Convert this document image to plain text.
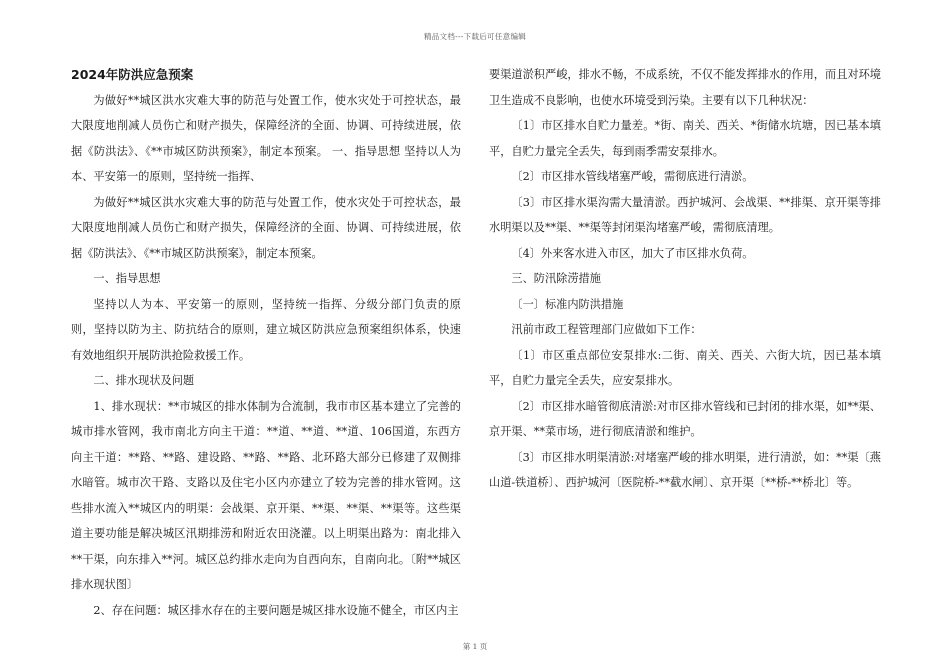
精品文档---下载后可任意编辑
2024年防洪应急预案

为做好**城区洪水灾难大事的防范与处置工作，使水灾处于可控状态，最大限度地削减人员伤亡和财产损失，保障经济的全面、协调、可持续进展，依据《防洪法》、《**市城区防洪预案》，制定本预案。 一、指导思想 坚持以人为本、平安第一的原则，坚持统一指挥、

为做好**城区洪水灾难大事的防范与处置工作，使水灾处于可控状态，最大限度地削减人员伤亡和财产损失，保障经济的全面、协调、可持续进展，依据《防洪法》、《**市城区防洪预案》，制定本预案。

一、指导思想

坚持以人为本、平安第一的原则，坚持统一指挥、分级分部门负责的原则，坚持以防为主、防抗结合的原则，建立城区防洪应急预案组织体系，快速有效地组织开展防洪抢险救援工作。

二、排水现状及问题

1、排水现状：**市城区的排水体制为合流制，我市市区基本建立了完善的城市排水管网，我市南北方向主干道：**道、**道、**道、106国道，东西方向主干道：**路、**路、建设路、**路、**路、北环路大部分已修建了双侧排水暗管。城市次干路、支路以及住宅小区内亦建立了较为完善的排水管网。这些排水流入**城区内的明渠：会战渠、京开渠、**渠、**渠、**渠等。这些渠道主要功能是解决城区汛期排涝和附近农田浇灌。以上明渠出路为：南北排入**干渠，向东排入**河。城区总约排水走向为自西向东，自南向北。〔附**城区排水现状图〕

2、存在问题：城区排水存在的主要问题是城区排水设施不健全，市区内主

要渠道淤积严峻，排水不畅，不成系统，不仅不能发挥排水的作用，而且对环境卫生造成不良影响，也使水环境受到污染。主要有以下几种状况：

〔1〕市区排水自贮力量差。*街、南关、西关、*街储水坑塘，因已基本填平，自贮力量完全丢失，每到雨季需安泵排水。

〔2〕市区排水管线堵塞严峻，需彻底进行清淤。

〔3〕市区排水渠沟需大量清淤。西护城河、会战渠、**排渠、京开渠等排水明渠以及**渠、**渠等封闭渠沟堵塞严峻，需彻底清理。

〔4〕外来客水进入市区，加大了市区排水负荷。

三、防汛除涝措施

〔一〕标准内防洪措施

汛前市政工程管理部门应做如下工作：

〔1〕市区重点部位安泵排水:二街、南关、西关、六街大坑，因已基本填平，自贮力量完全丢失，应安泵排水。

〔2〕市区排水暗管彻底清淤:对市区排水管线和已封闭的排水渠，如**渠、京开渠、**菜市场，进行彻底清淤和维护。

〔3〕市区排水明渠清淤:对堵塞严峻的排水明渠，进行清淤，如：**渠〔燕山道-铁道桥〕、西护城河〔医院桥-**截水闸〕、京开渠〔**桥-**桥北〕等。

第 1 页
